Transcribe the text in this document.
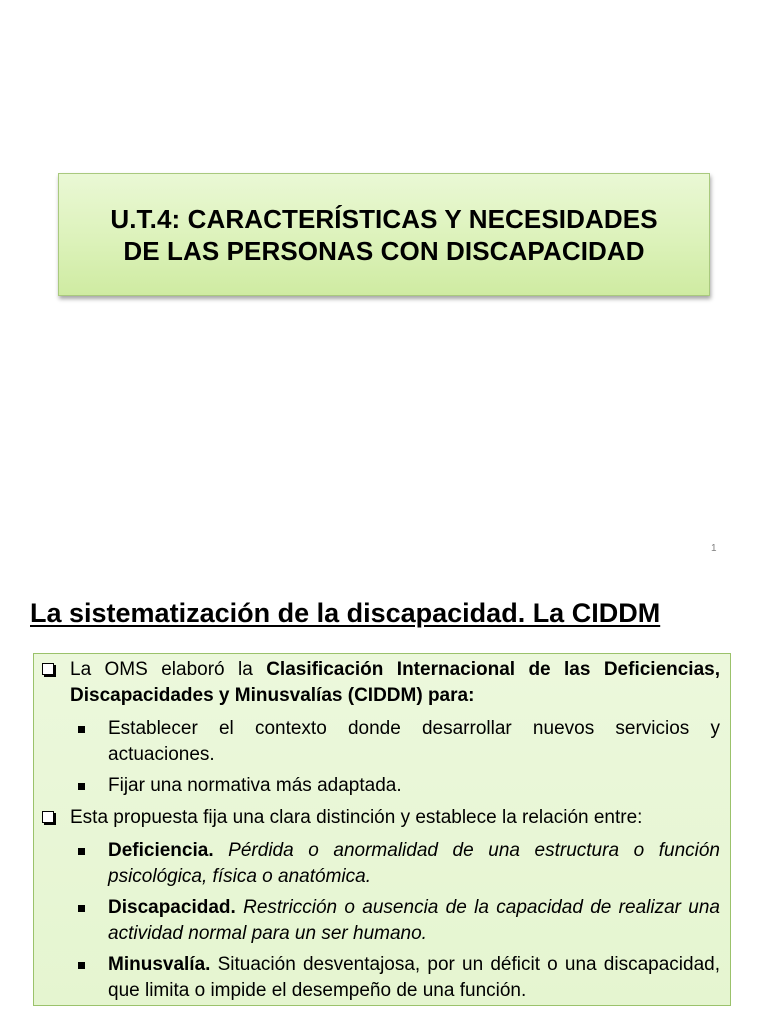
U.T.4: CARACTERÍSTICAS Y NECESIDADES
DE LAS PERSONAS CON DISCAPACIDAD
1
La sistematización de la discapacidad. La CIDDM
La OMS elaboró la Clasificación Internacional de las Deficiencias, Discapacidades y Minusvalías (CIDDM) para:
Establecer el contexto donde desarrollar nuevos servicios y actuaciones.
Fijar una normativa más adaptada.
Esta propuesta fija una clara distinción y establece la relación entre:
Deficiencia. Pérdida o anormalidad de una estructura o función psicológica, física o anatómica.
Discapacidad. Restricción o ausencia de la capacidad de realizar una actividad normal para un ser humano.
Minusvalía. Situación desventajosa, por un déficit o una discapacidad, que limita o impide el desempeño de una función.
